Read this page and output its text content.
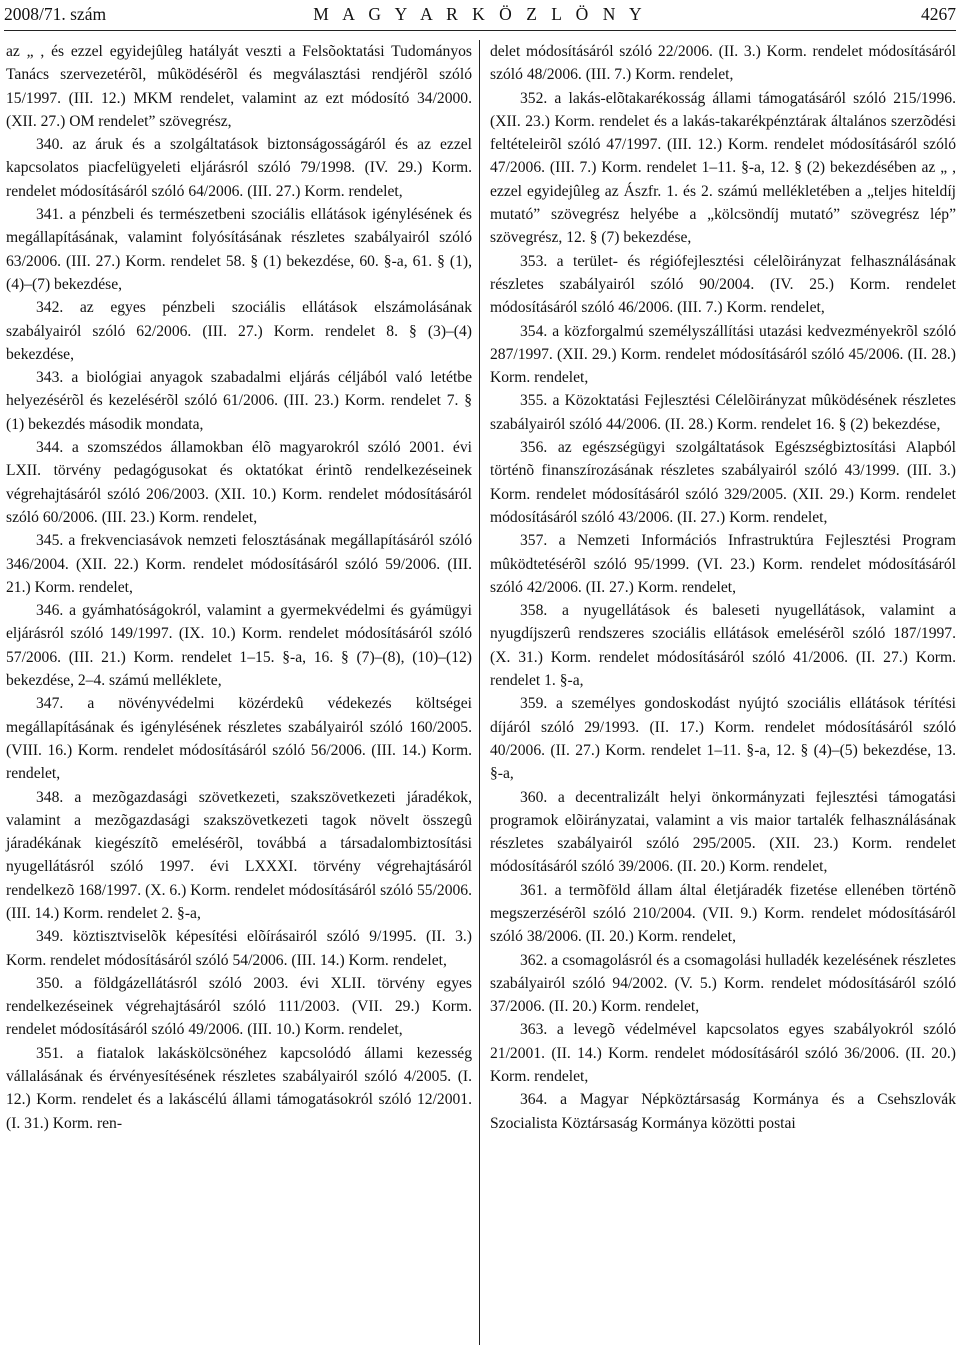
2008/71. szám	M A G Y A R K Ö Z L Ö N Y	4267

az „ , és ezzel egyidejûleg hatályát veszti a Felsõoktatási Tudományos Tanács szervezetérõl, mûködésérõl és megválasztási rendjérõl szóló 15/1997. (III. 12.) MKM rendelet, valamint az ezt módosító 34/2000. (XII. 27.) OM rendelet” szövegrész,

340. az áruk és a szolgáltatások biztonságosságáról és az ezzel kapcsolatos piacfelügyeleti eljárásról szóló 79/1998. (IV. 29.) Korm. rendelet módosításáról szóló 64/2006. (III. 27.) Korm. rendelet,

341. a pénzbeli és természetbeni szociális ellátások igénylésének és megállapításának, valamint folyósításának részletes szabályairól szóló 63/2006. (III. 27.) Korm. rendelet 58. § (1) bekezdése, 60. §-a, 61. § (1), (4)–(7) bekezdése,

342. az egyes pénzbeli szociális ellátások elszámolásának szabályairól szóló 62/2006. (III. 27.) Korm. rendelet 8. § (3)–(4) bekezdése,

343. a biológiai anyagok szabadalmi eljárás céljából való letétbe helyezésérõl és kezelésérõl szóló 61/2006. (III. 23.) Korm. rendelet 7. § (1) bekezdés második mondata,

344. a szomszédos államokban élõ magyarokról szóló 2001. évi LXII. törvény pedagógusokat és oktatókat érintõ rendelkezéseinek végrehajtásáról szóló 206/2003. (XII. 10.) Korm. rendelet módosításáról szóló 60/2006. (III. 23.) Korm. rendelet,

345. a frekvenciasávok nemzeti felosztásának megállapításáról szóló 346/2004. (XII. 22.) Korm. rendelet módosításáról szóló 59/2006. (III. 21.) Korm. rendelet,

346. a gyámhatóságokról, valamint a gyermekvédelmi és gyámügyi eljárásról szóló 149/1997. (IX. 10.) Korm. rendelet módosításáról szóló 57/2006. (III. 21.) Korm. rendelet 1–15. §-a, 16. § (7)–(8), (10)–(12) bekezdése, 2–4. számú melléklete,

347. a növényvédelmi közérdekû védekezés költségei megállapításának és igénylésének részletes szabályairól szóló 160/2005. (VIII. 16.) Korm. rendelet módosításáról szóló 56/2006. (III. 14.) Korm. rendelet,

348. a mezõgazdasági szövetkezeti, szakszövetkezeti járadékok, valamint a mezõgazdasági szakszövetkezeti tagok növelt összegû járadékának kiegészítõ emelésérõl, továbbá a társadalombiztosítási nyugellátásról szóló 1997. évi LXXXI. törvény végrehajtásáról rendelkezõ 168/1997. (X. 6.) Korm. rendelet módosításáról szóló 55/2006. (III. 14.) Korm. rendelet 2. §-a,

349. köztisztviselõk képesítési elõírásairól szóló 9/1995. (II. 3.) Korm. rendelet módosításáról szóló 54/2006. (III. 14.) Korm. rendelet,

350. a földgázellátásról szóló 2003. évi XLII. törvény egyes rendelkezéseinek végrehajtásáról szóló 111/2003. (VII. 29.) Korm. rendelet módosításáról szóló 49/2006. (III. 10.) Korm. rendelet,

351. a fiatalok lakáskölcsönéhez kapcsolódó állami kezesség vállalásának és érvényesítésének részletes szabályairól szóló 4/2005. (I. 12.) Korm. rendelet és a lakáscélú állami támogatásokról szóló 12/2001. (I. 31.) Korm. ren-

delet módosításáról szóló 22/2006. (II. 3.) Korm. rendelet módosításáról szóló 48/2006. (III. 7.) Korm. rendelet,

352. a lakás-elõtakarékosság állami támogatásáról szóló 215/1996. (XII. 23.) Korm. rendelet és a lakás-takarékpénztárak általános szerzõdési feltételeirõl szóló 47/1997. (III. 12.) Korm. rendelet módosításáról szóló 47/2006. (III. 7.) Korm. rendelet 1–11. §-a, 12. § (2) bekezdésében az „ , ezzel egyidejûleg az Ászfr. 1. és 2. számú mellékletében a „teljes hiteldíj mutató” szövegrész helyébe a „kölcsöndíj mutató” szövegrész lép” szövegrész, 12. § (7) bekezdése,

353. a terület- és régiófejlesztési célelõirányzat felhasználásának részletes szabályairól szóló 90/2004. (IV. 25.) Korm. rendelet módosításáról szóló 46/2006. (III. 7.) Korm. rendelet,

354. a közforgalmú személyszállítási utazási kedvezményekrõl szóló 287/1997. (XII. 29.) Korm. rendelet módosításáról szóló 45/2006. (II. 28.) Korm. rendelet,

355. a Közoktatási Fejlesztési Célelõirányzat mûködésének részletes szabályairól szóló 44/2006. (II. 28.) Korm. rendelet 16. § (2) bekezdése,

356. az egészségügyi szolgáltatások Egészségbiztosítási Alapból történõ finanszírozásának részletes szabályairól szóló 43/1999. (III. 3.) Korm. rendelet módosításáról szóló 329/2005. (XII. 29.) Korm. rendelet módosításáról szóló 43/2006. (II. 27.) Korm. rendelet,

357. a Nemzeti Információs Infrastruktúra Fejlesztési Program mûködtetésérõl szóló 95/1999. (VI. 23.) Korm. rendelet módosításáról szóló 42/2006. (II. 27.) Korm. rendelet,

358. a nyugellátások és baleseti nyugellátások, valamint a nyugdíjszerû rendszeres szociális ellátások emelésérõl szóló 187/1997. (X. 31.) Korm. rendelet módosításáról szóló 41/2006. (II. 27.) Korm. rendelet 1. §-a,

359. a személyes gondoskodást nyújtó szociális ellátások térítési díjáról szóló 29/1993. (II. 17.) Korm. rendelet módosításáról szóló 40/2006. (II. 27.) Korm. rendelet 1–11. §-a, 12. § (4)–(5) bekezdése, 13. §-a,

360. a decentralizált helyi önkormányzati fejlesztési támogatási programok elõirányzatai, valamint a vis maior tartalék felhasználásának részletes szabályairól szóló 295/2005. (XII. 23.) Korm. rendelet módosításáról szóló 39/2006. (II. 20.) Korm. rendelet,

361. a termõföld állam által életjáradék fizetése ellenében történõ megszerzésérõl szóló 210/2004. (VII. 9.) Korm. rendelet módosításáról szóló 38/2006. (II. 20.) Korm. rendelet,

362. a csomagolásról és a csomagolási hulladék kezelésének részletes szabályairól szóló 94/2002. (V. 5.) Korm. rendelet módosításáról szóló 37/2006. (II. 20.) Korm. rendelet,

363. a levegõ védelmével kapcsolatos egyes szabályokról szóló 21/2001. (II. 14.) Korm. rendelet módosításáról szóló 36/2006. (II. 20.) Korm. rendelet,

364. a Magyar Népköztársaság Kormánya és a Csehszlovák Szocialista Köztársaság Kormánya közötti postai
